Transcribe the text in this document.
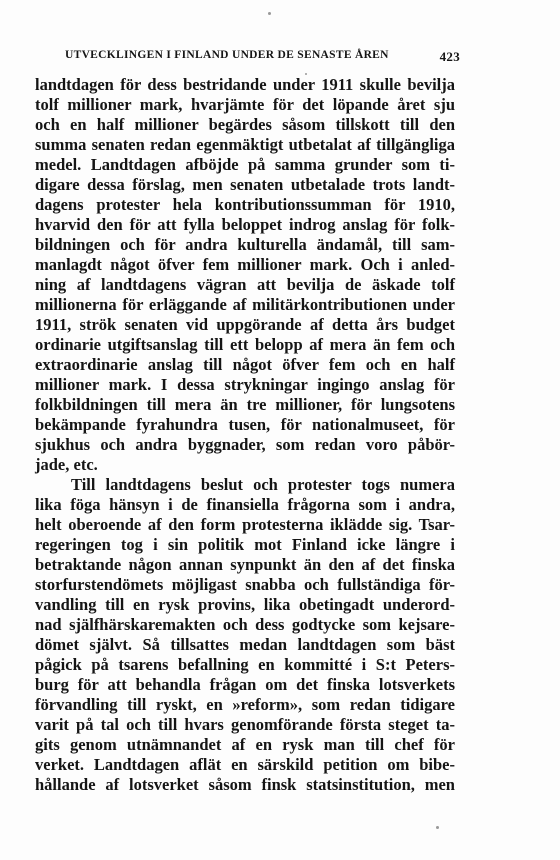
UTVECKLINGEN I FINLAND UNDER DE SENASTE ÅREN	423
landtdagen för dess bestridande under 1911 skulle bevilja
tolf millioner mark, hvarjämte för det löpande året sju
och en half millioner begärdes såsom tillskott till den
summa senaten redan egenmäktigt utbetalat af tillgängliga
medel. Landtdagen afböjde på samma grunder som ti-
digare dessa förslag, men senaten utbetalade trots landt-
dagens protester hela kontributionssumman för 1910,
hvarvid den för att fylla beloppet indrog anslag för folk-
bildningen och för andra kulturella ändamål, till sam-
manlagdt något öfver fem millioner mark. Och i anled-
ning af landtdagens vägran att bevilja de äskade tolf
millionerna för erläggande af militärkontributionen under
1911, strök senaten vid uppgörande af detta års budget
ordinarie utgiftsanslag till ett belopp af mera än fem och
extraordinarie anslag till något öfver fem och en half
millioner mark. I dessa strykningar ingingo anslag för
folkbildningen till mera än tre millioner, för lungsotens
bekämpande fyrahundra tusen, för nationalmuseet, för
sjukhus och andra byggnader, som redan voro påbör-
jade, etc.
Till landtdagens beslut och protester togs numera
lika föga hänsyn i de finansiella frågorna som i andra,
helt oberoende af den form protesterna ikläddе sig. Tsar-
regeringen tog i sin politik mot Finland icke längre i
betraktande någon annan synpunkt än den af det finska
storfurstendömets möjligast snabba och fullständiga för-
vandling till en rysk provins, lika obetingadt underord-
nad själfhärskaremakten och dess godtycke som kejsare-
dömet självt. Så tillsattes medan landtdagen som bäst
pågick på tsarens befallning en kommitté i S:t Peters-
burg för att behandla frågan om det finska lotsverkets
förvandling till ryskt, en »reform», som redan tidigare
varit på tal och till hvars genomförande första steget ta-
gits genom utnämnandet af en rysk man till chef för
verket. Landtdagen aflät en särskild petition om bibe-
hållande af lotsverket såsom finsk statsinstitution, men
